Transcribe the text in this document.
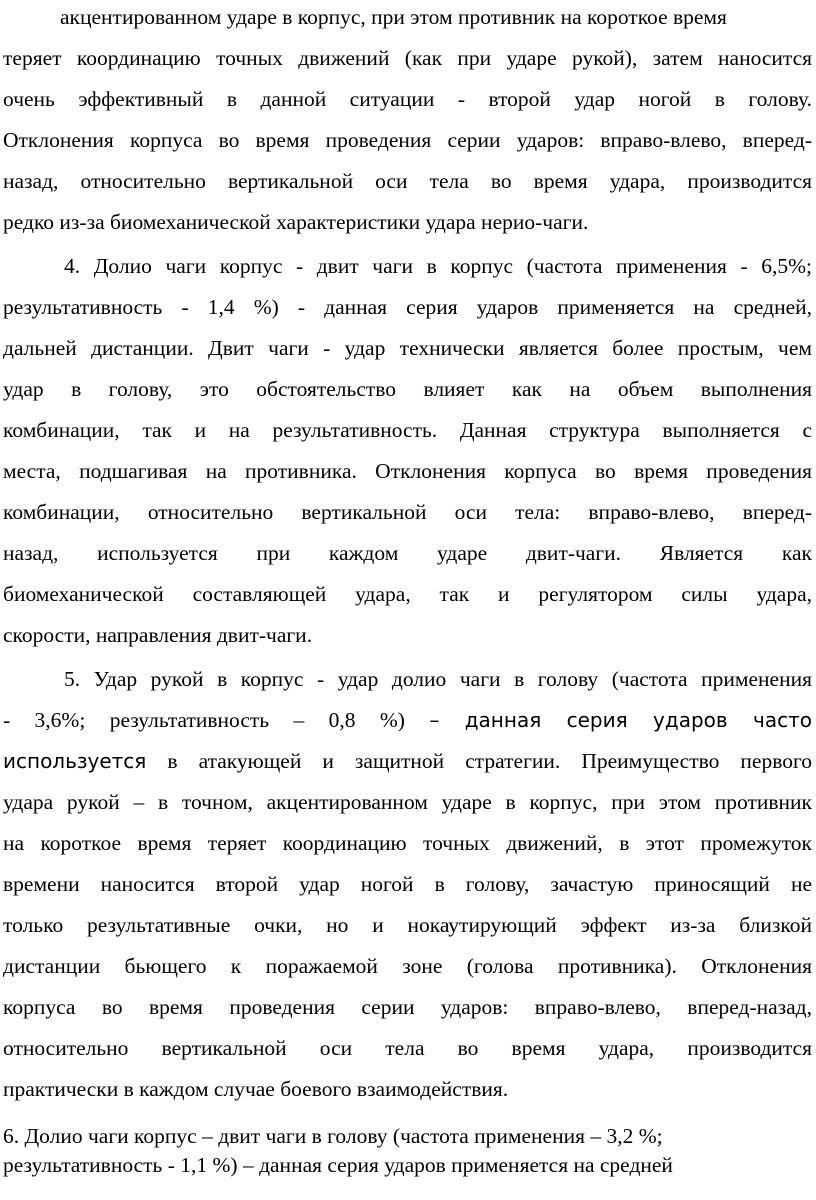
акцентированном ударе в корпус, при этом противник на короткое время
теряет координацию точных движений (как при ударе рукой), затем наносится
очень эффективный в данной ситуации - второй удар ногой в голову.
Отклонения корпуса во время проведения серии ударов: вправо-влево, вперед-
назад, относительно вертикальной оси тела во время удара, производится
редко из-за биомеханической характеристики удара нерио-чаги.
4. Долио чаги корпус - двит чаги в корпус (частота применения - 6,5%;
результативность - 1,4 %) - данная серия ударов применяется на средней,
дальней дистанции. Двит чаги - удар технически является более простым, чем
удар в голову, это обстоятельство влияет как на объем выполнения
комбинации, так и на результативность. Данная структура выполняется с
места, подшагивая на противника. Отклонения корпуса во время проведения
комбинации, относительно вертикальной оси тела: вправо-влево, вперед-
назад, используется при каждом ударе двит-чаги. Является как
биомеханической составляющей удара, так и регулятором силы удара,
скорости, направления двит-чаги.
5. Удар рукой в корпус - удар долио чаги в голову (частота применения
- 3,6%; результативность – 0,8 %) – данная серия ударов часто
используется в атакующей и защитной стратегии. Преимущество первого
удара рукой – в точном, акцентированном ударе в корпус, при этом противник
на короткое время теряет координацию точных движений, в этот промежуток
времени наносится второй удар ногой в голову, зачастую приносящий не
только результативные очки, но и нокаутирующий эффект из-за близкой
дистанции бьющего к поражаемой зоне (голова противника). Отклонения
корпуса во время проведения серии ударов: вправо-влево, вперед-назад,
относительно вертикальной оси тела во время удара, производится
практически в каждом случае боевого взаимодействия.
6. Долио чаги корпус – двит чаги в голову (частота применения – 3,2 %;
результативность - 1,1 %) – данная серия ударов применяется на средней
